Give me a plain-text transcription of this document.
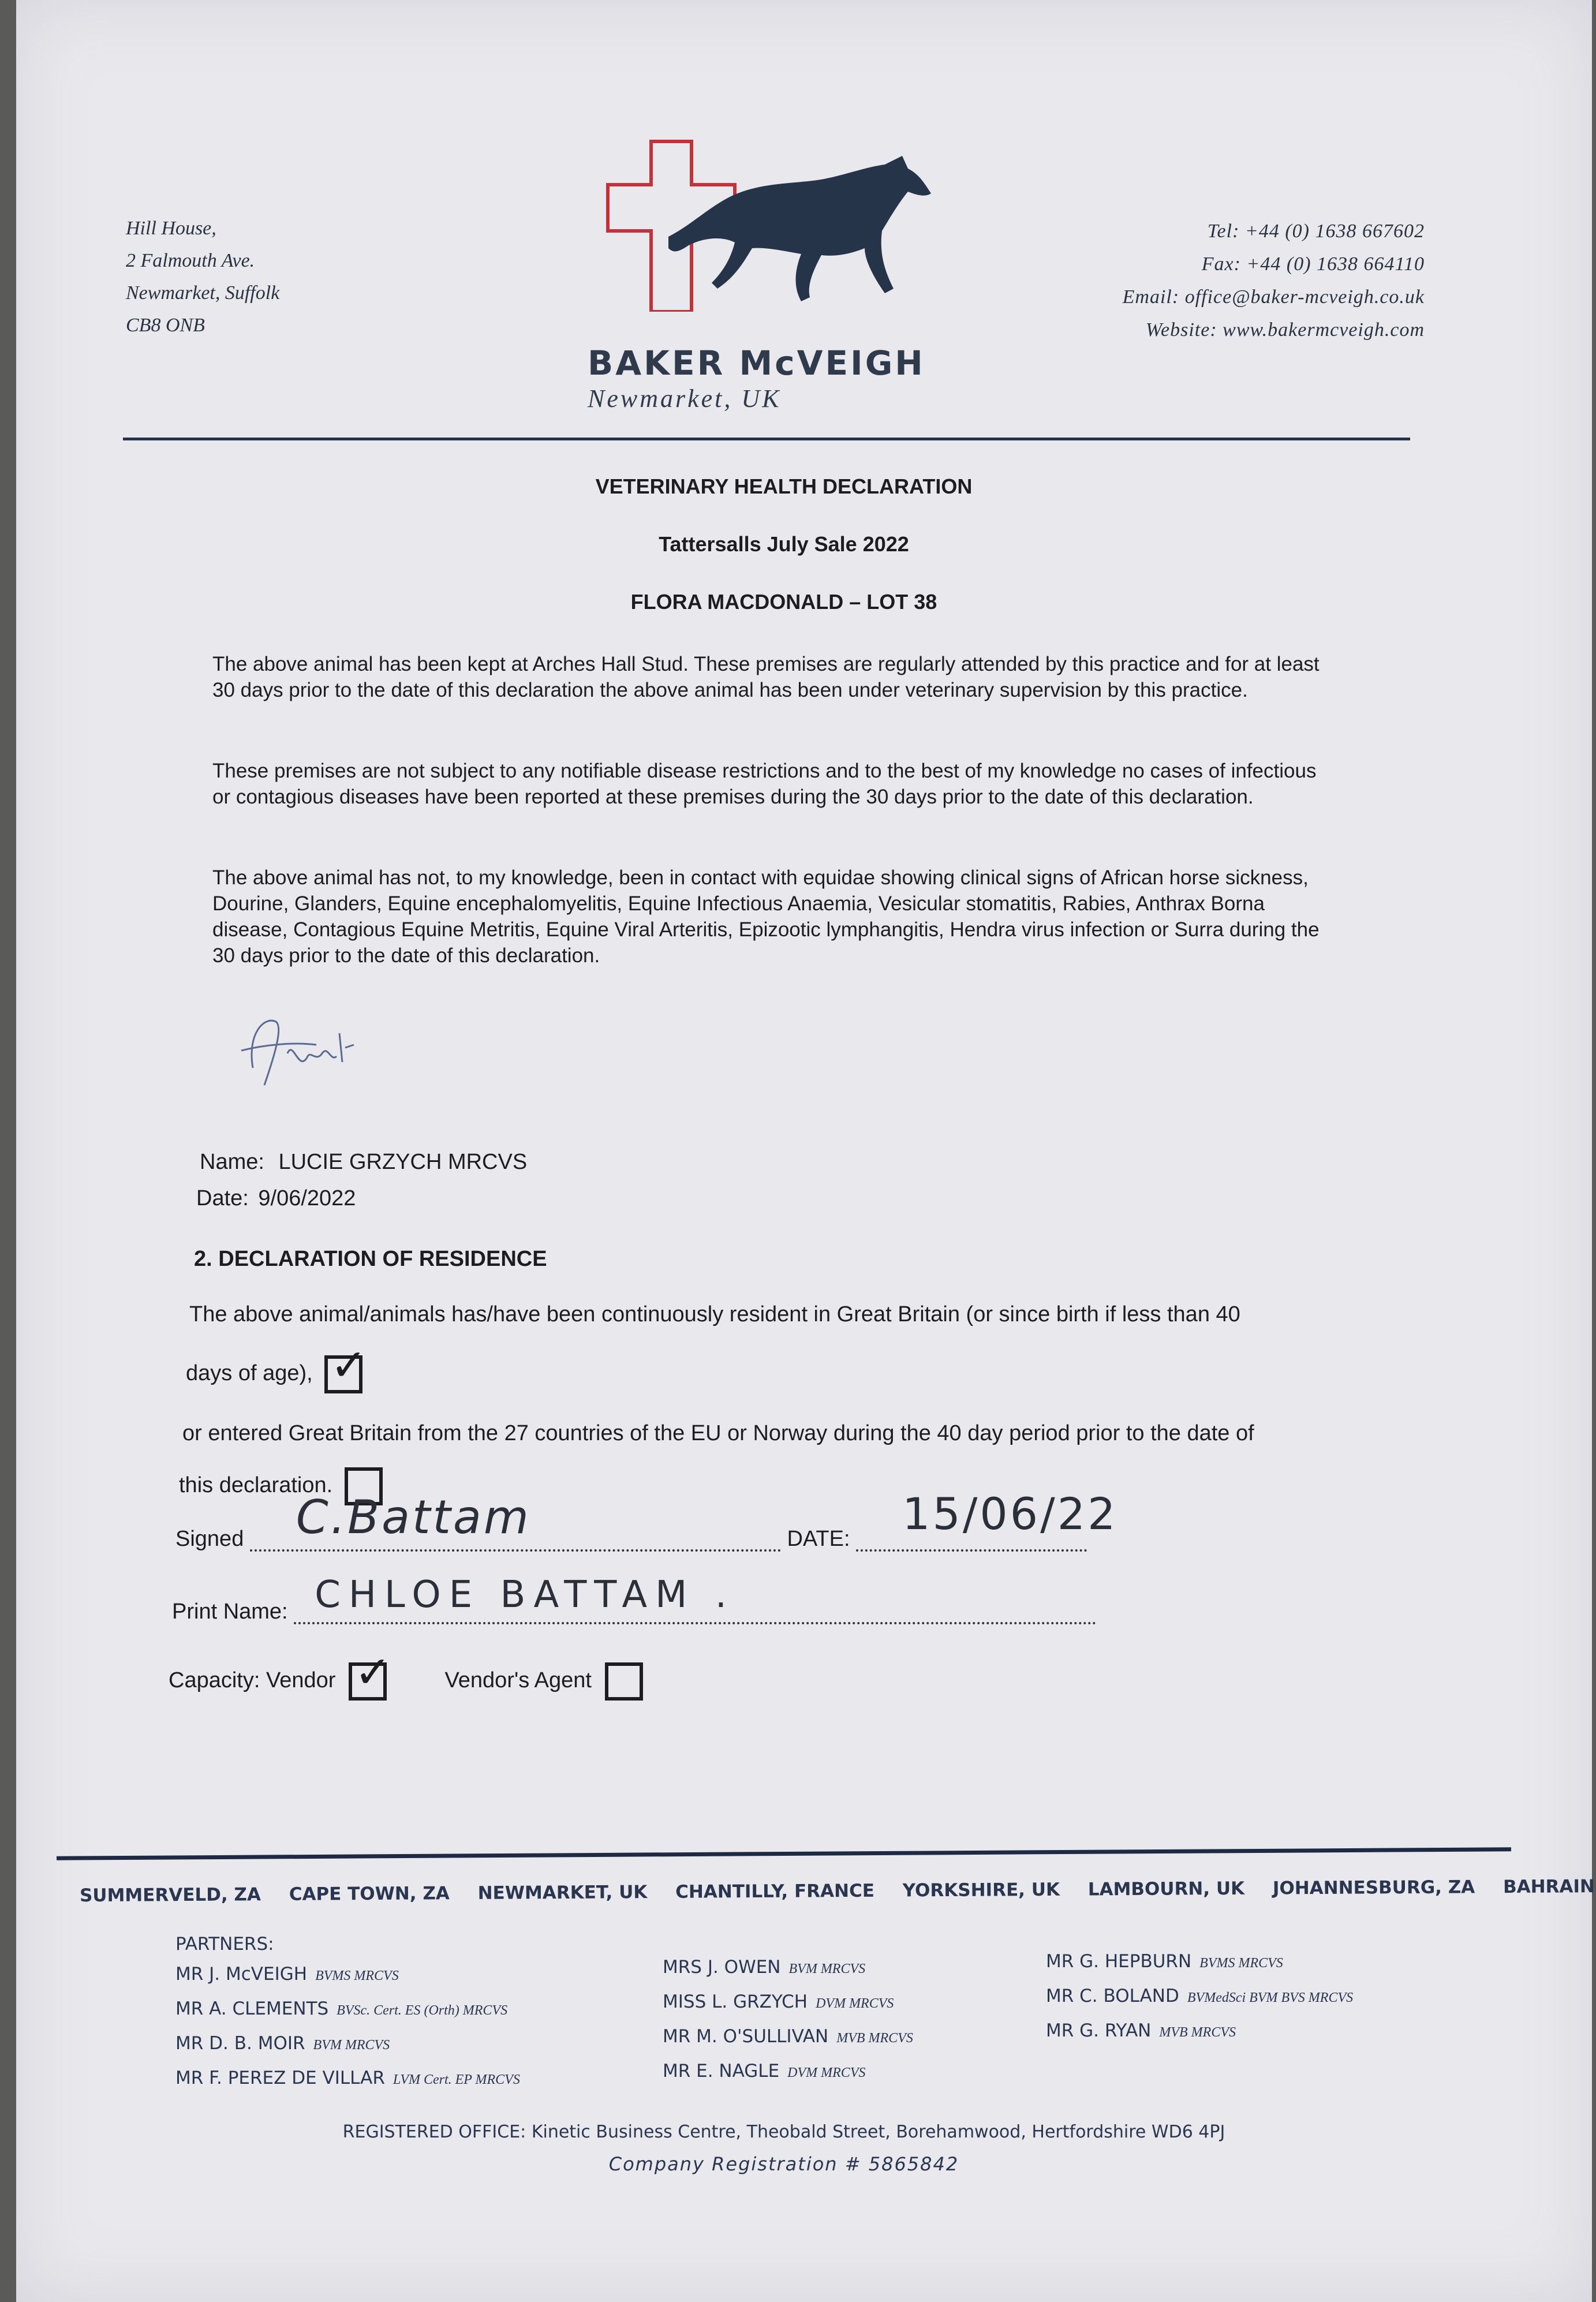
Hill House,
2 Falmouth Ave.
Newmarket, Suffolk
CB8 ONB
BAKER McVEIGH
Newmarket, UK
Tel: +44 (0) 1638 667602
Fax: +44 (0) 1638 664110
Email: office@baker-mcveigh.co.uk
Website: www.bakermcveigh.com
VETERINARY HEALTH DECLARATION
Tattersalls July Sale 2022
FLORA MACDONALD – LOT 38
The above animal has been kept at Arches Hall Stud. These premises are regularly attended by this practice and for at least 30 days prior to the date of this declaration the above animal has been under veterinary supervision by this practice.
These premises are not subject to any notifiable disease restrictions and to the best of my knowledge no cases of infectious or contagious diseases have been reported at these premises during the 30 days prior to the date of this declaration.
The above animal has not, to my knowledge, been in contact with equidae showing clinical signs of African horse sickness, Dourine, Glanders, Equine encephalomyelitis, Equine Infectious Anaemia, Vesicular stomatitis, Rabies, Anthrax Borna disease, Contagious Equine Metritis, Equine Viral Arteritis, Epizootic lymphangitis, Hendra virus infection or Surra during the 30 days prior to the date of this declaration.
Name: LUCIE GRZYCH MRCVS
Date: 9/06/2022
2. DECLARATION OF RESIDENCE
The above animal/animals has/have been continuously resident in Great Britain (or since birth if less than 40
days of age), ✓
or entered Great Britain from the 27 countries of the EU or Norway during the 40 day period prior to the date of
this declaration.
Signed C.Battam	DATE: 15/06/22
Print Name: CHLOE BATTAM .
Capacity: Vendor ✓ Vendor's Agent
SUMMERVELD, ZA CAPE TOWN, ZA NEWMARKET, UK CHANTILLY, FRANCE YORKSHIRE, UK LAMBOURN, UK JOHANNESBURG, ZA BAHRAIN
PARTNERS:
MR J. McVEIGH BVMS MRCVS
MR A. CLEMENTS BVSc. Cert. ES (Orth) MRCVS
MR D. B. MOIR BVM MRCVS
MR F. PEREZ DE VILLAR LVM Cert. EP MRCVS
MRS J. OWEN BVM MRCVS
MISS L. GRZYCH DVM MRCVS
MR M. O'SULLIVAN MVB MRCVS
MR E. NAGLE DVM MRCVS
MR G. HEPBURN BVMS MRCVS
MR C. BOLAND BVMedSci BVM BVS MRCVS
MR G. RYAN MVB MRCVS
REGISTERED OFFICE: Kinetic Business Centre, Theobald Street, Borehamwood, Hertfordshire WD6 4PJ
Company Registration # 5865842
